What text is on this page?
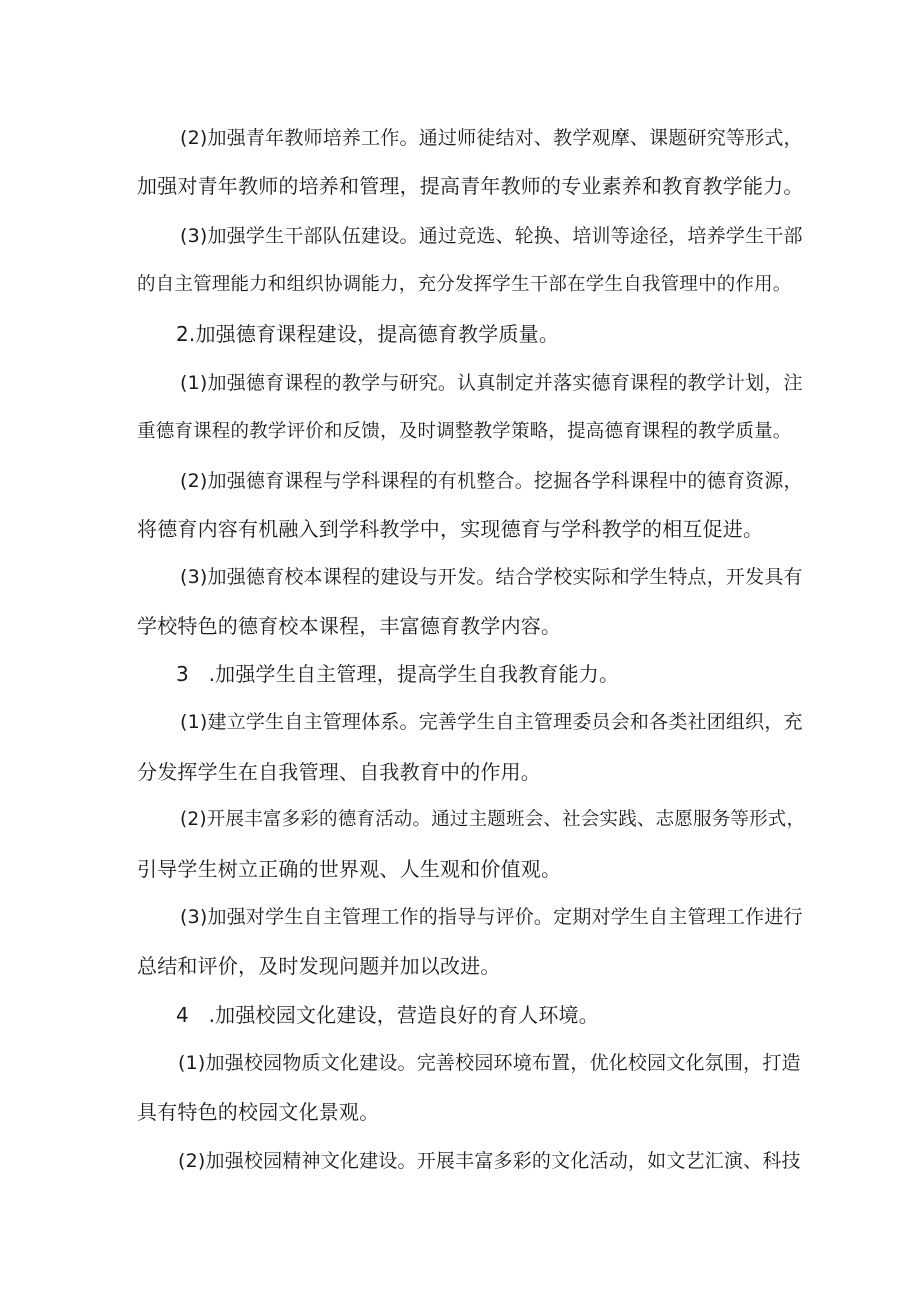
(2)加强青年教师培养工作。通过师徒结对、教学观摩、课题研究等形式，
加强对青年教师的培养和管理，提高青年教师的专业素养和教育教学能力。
(3)加强学生干部队伍建设。通过竞选、轮换、培训等途径，培养学生干部
的自主管理能力和组织协调能力，充分发挥学生干部在学生自我管理中的作用。
2.加强德育课程建设，提高德育教学质量。
(1)加强德育课程的教学与研究。认真制定并落实德育课程的教学计划，注
重德育课程的教学评价和反馈，及时调整教学策略，提高德育课程的教学质量。
(2)加强德育课程与学科课程的有机整合。挖掘各学科课程中的德育资源，
将德育内容有机融入到学科教学中，实现德育与学科教学的相互促进。
(3)加强德育校本课程的建设与开发。结合学校实际和学生特点，开发具有
学校特色的德育校本课程，丰富德育教学内容。
3   .加强学生自主管理，提高学生自我教育能力。
(1)建立学生自主管理体系。完善学生自主管理委员会和各类社团组织，充
分发挥学生在自我管理、自我教育中的作用。
(2)开展丰富多彩的德育活动。通过主题班会、社会实践、志愿服务等形式，
引导学生树立正确的世界观、人生观和价值观。
(3)加强对学生自主管理工作的指导与评价。定期对学生自主管理工作进行
总结和评价，及时发现问题并加以改进。
4   .加强校园文化建设，营造良好的育人环境。
(1)加强校园物质文化建设。完善校园环境布置，优化校园文化氛围，打造
具有特色的校园文化景观。
(2)加强校园精神文化建设。开展丰富多彩的文化活动，如文艺汇演、科技
